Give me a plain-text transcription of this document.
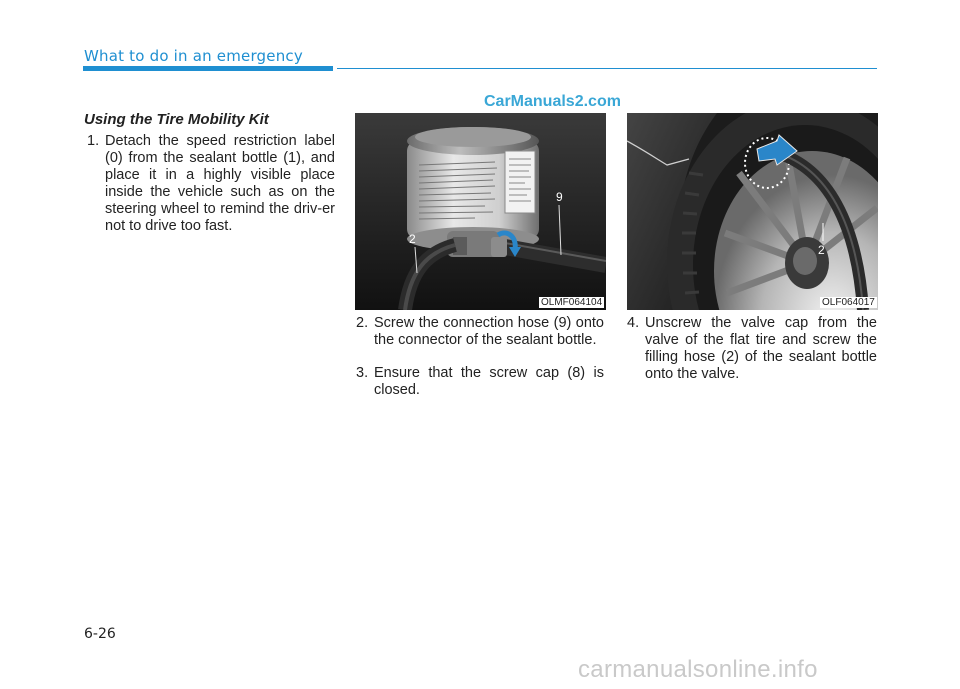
What to do in an emergency
CarManuals2.com
Using the Tire Mobility Kit
1. Detach the speed restriction label (0) from the sealant bottle (1), and place it in a highly visible place inside the vehicle such as on the steering wheel to remind the driv-er not to drive too fast.
9
2
OLMF064104
2
OLF064017
2. Screw the connection hose (9) onto the connector of the sealant bottle.
3. Ensure that the screw cap (8) is closed.
4. Unscrew the valve cap from the valve of the flat tire and screw the filling hose (2) of the sealant bottle onto the valve.
6-26
carmanualsonline.info
